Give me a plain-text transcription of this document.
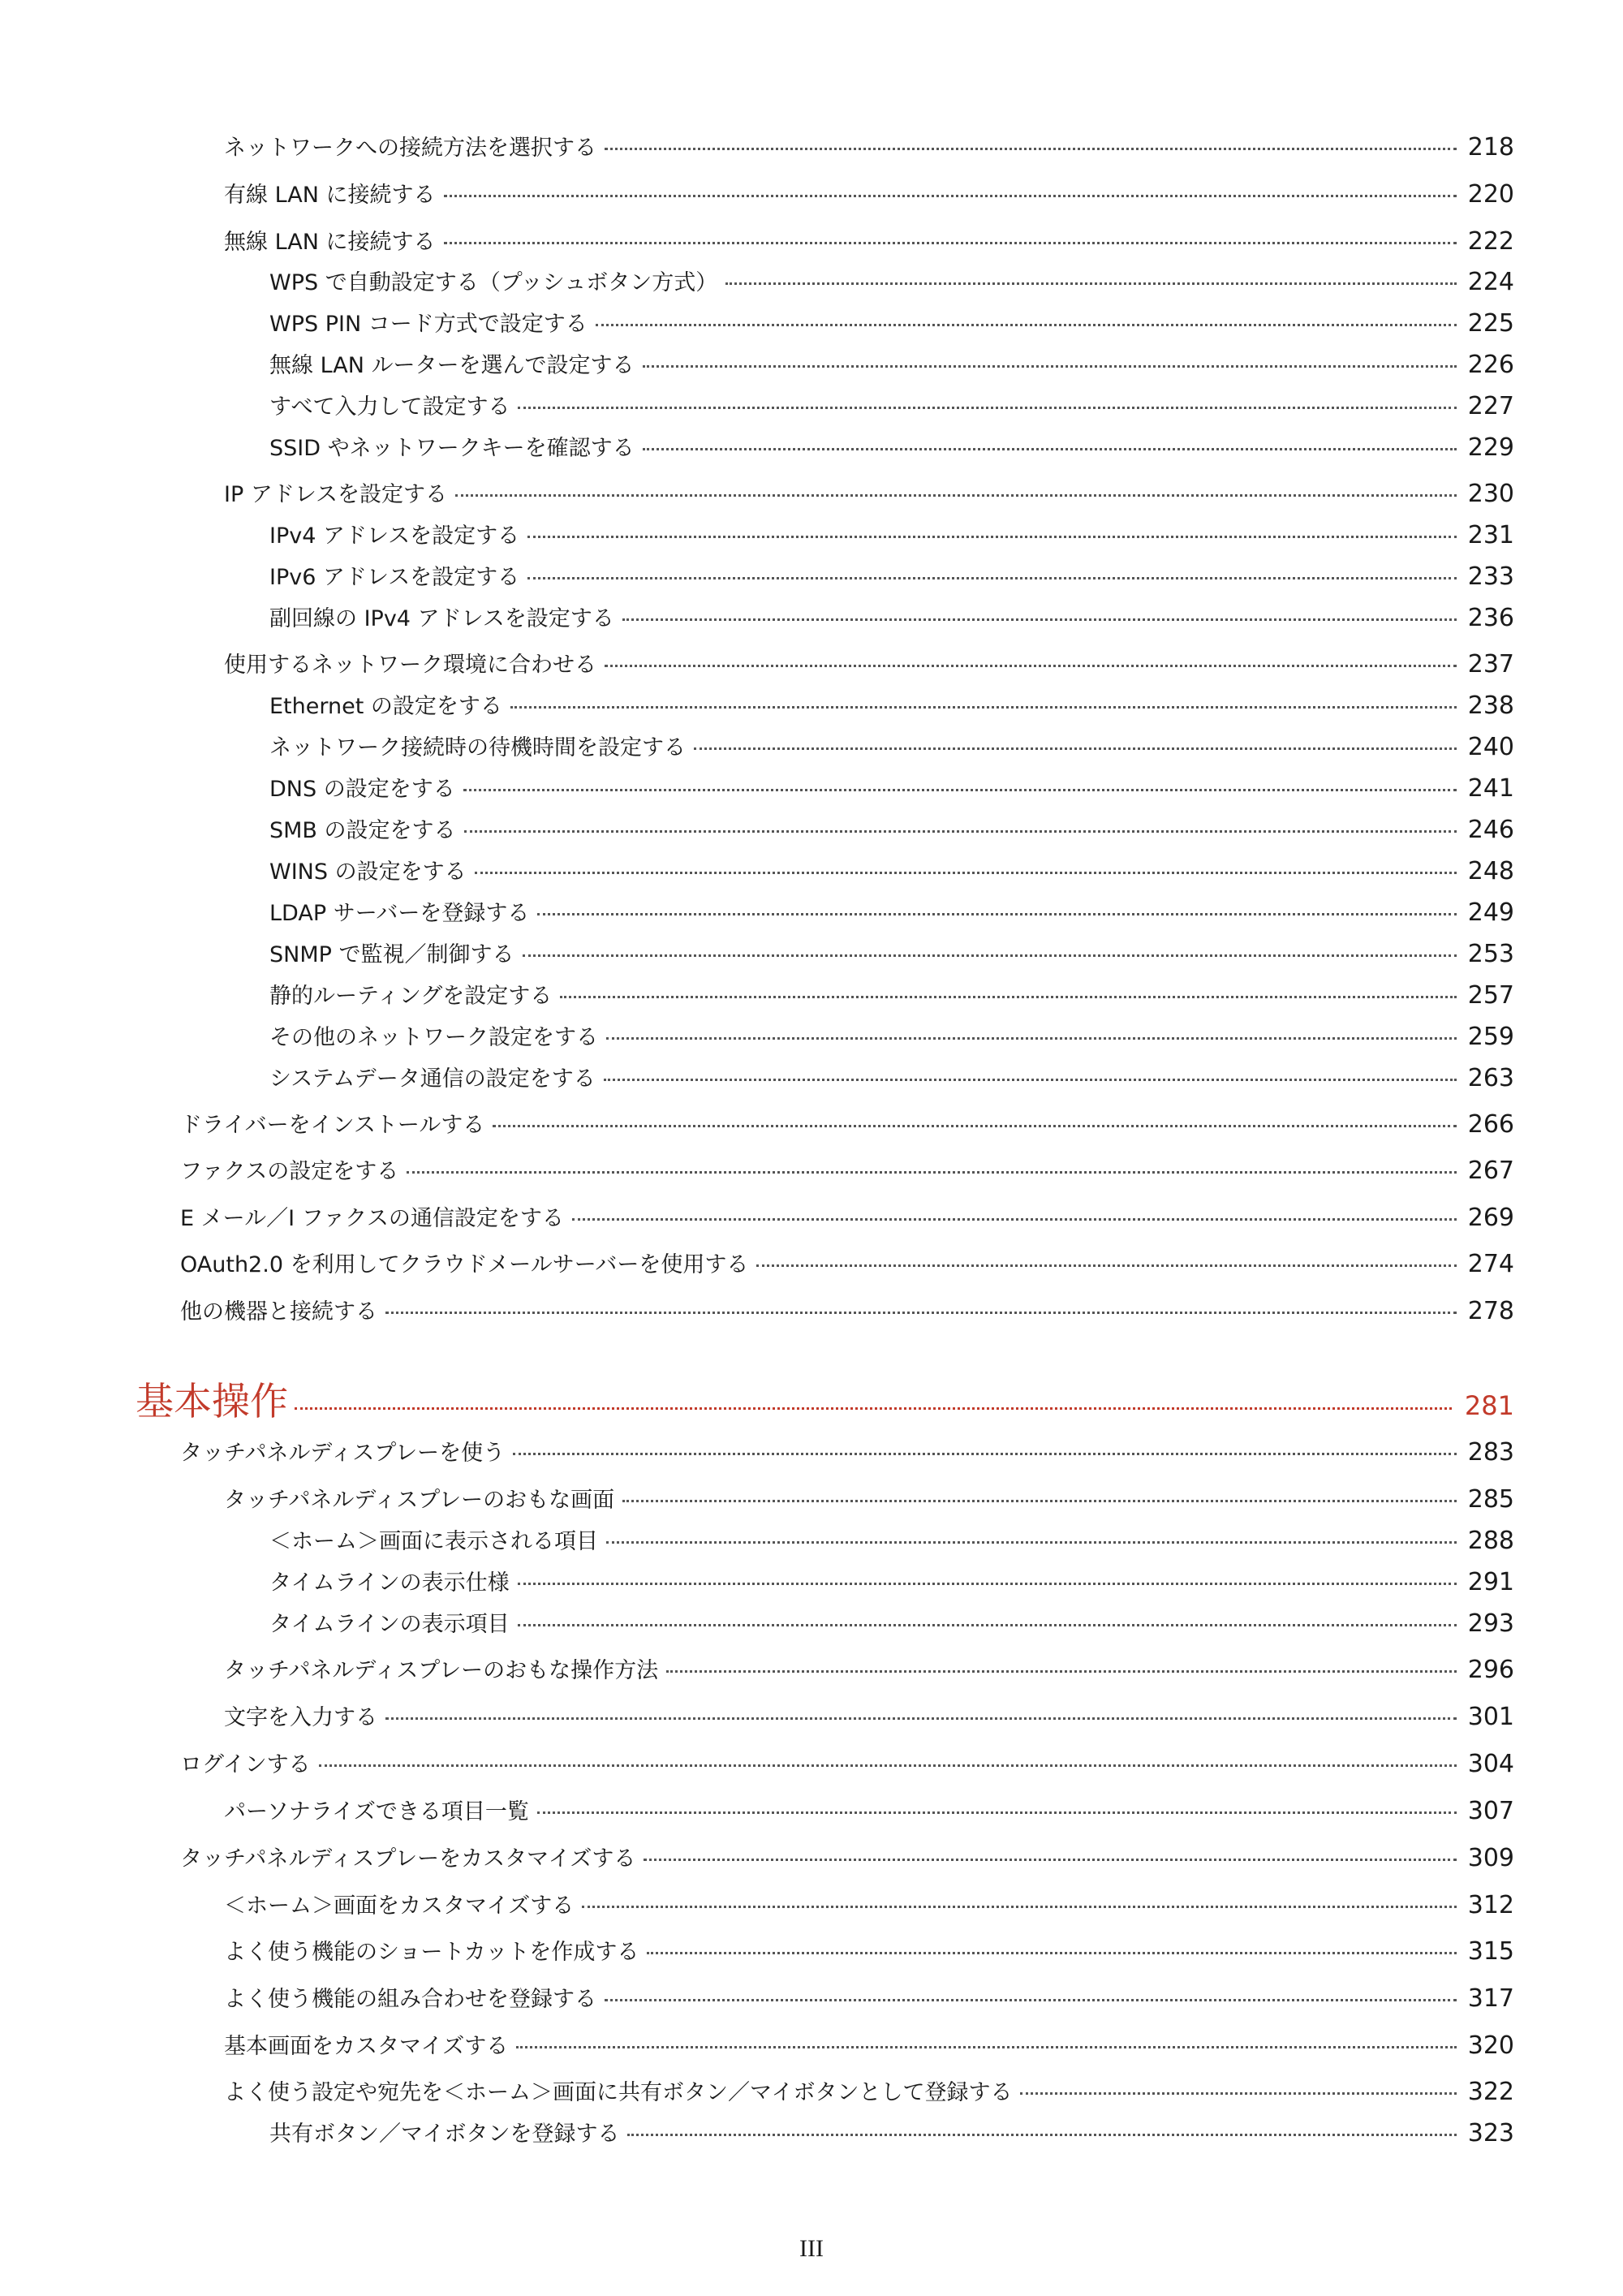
ネットワークへの接続方法を選択する	218
有線 LAN に接続する	220
無線 LAN に接続する	222
WPS で自動設定する（プッシュボタン方式）	224
WPS PIN コード方式で設定する	225
無線 LAN ルーターを選んで設定する	226
すべて入力して設定する	227
SSID やネットワークキーを確認する	229
IP アドレスを設定する	230
IPv4 アドレスを設定する	231
IPv6 アドレスを設定する	233
副回線の IPv4 アドレスを設定する	236
使用するネットワーク環境に合わせる	237
Ethernet の設定をする	238
ネットワーク接続時の待機時間を設定する	240
DNS の設定をする	241
SMB の設定をする	246
WINS の設定をする	248
LDAP サーバーを登録する	249
SNMP で監視／制御する	253
静的ルーティングを設定する	257
その他のネットワーク設定をする	259
システムデータ通信の設定をする	263
ドライバーをインストールする	266
ファクスの設定をする	267
E メール／I ファクスの通信設定をする	269
OAuth2.0 を利用してクラウドメールサーバーを使用する	274
他の機器と接続する	278
基本操作	281
タッチパネルディスプレーを使う	283
タッチパネルディスプレーのおもな画面	285
＜ホーム＞画面に表示される項目	288
タイムラインの表示仕様	291
タイムラインの表示項目	293
タッチパネルディスプレーのおもな操作方法	296
文字を入力する	301
ログインする	304
パーソナライズできる項目一覧	307
タッチパネルディスプレーをカスタマイズする	309
＜ホーム＞画面をカスタマイズする	312
よく使う機能のショートカットを作成する	315
よく使う機能の組み合わせを登録する	317
基本画面をカスタマイズする	320
よく使う設定や宛先を＜ホーム＞画面に共有ボタン／マイボタンとして登録する	322
共有ボタン／マイボタンを登録する	323
III
